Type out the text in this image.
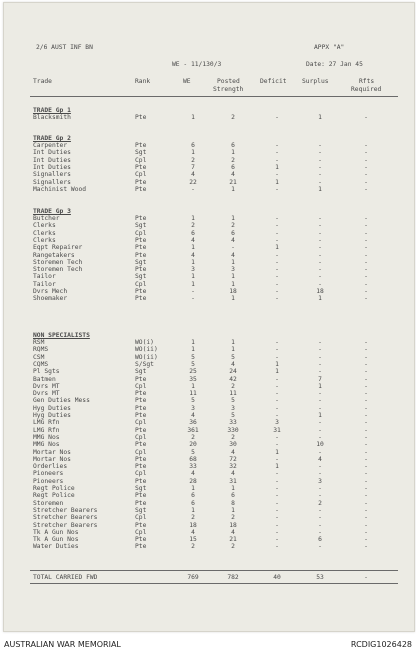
2/6 AUST INF BN	APPX "A"
WE - 11/130/3	Date: 27 Jan 45
Trade	Rank	WE	Posted
Strength
Deficit Surplus	Rfts
Required
TRADE Gp 1
Blacksmith	Pte	1	2	-	1	-
TRADE Gp 2
Carpenter	Pte	6	6	-	-	-
Int Duties	Sgt	1	1	-	-	-
Int Duties	Cpl	2	2	-	-	-
Int Duties	Pte	7	6	1	-	-
Signallers	Cpl	4	4	-	-	-
Signallers	Pte	22	21	1	-	-
Machinist Wood	Pte	-	1	-	1	-
TRADE Gp 3
Butcher	Pte	1	1	-	-	-
Clerks	Sgt	2	2	-	-	-
Clerks	Cpl	6	6	-	-	-
Clerks	Pte	4	4	-	-	-
Eqpt Repairer	Pte	1	-	1	-	-
Rangetakers	Pte	4	4	-	-	-
Storemen Tech	Sgt	1	1	-	-	-
Storemen Tech	Pte	3	3	-	-	-
Tailor	Sgt	1	1	-	-	-
Tailor	Cpl	1	1	-	-	-
Dvrs Mech	Pte	-	18	-	18	-
Shoemaker	Pte	-	1	-	1	-
NON SPECIALISTS
RSM	WO(i)	1	1	-	-	-
RQMS	WO(ii)	1	1	-	-	-
CSM	WO(ii)	5	5	-	-	-
CQMS	S/Sgt	5	4	1	-	-
Pl Sgts	Sgt	25	24	1	-	-
Batmen	Pte	35	42	-	7	-
Dvrs MT	Cpl	1	2	-	1	-
Dvrs MT	Pte	11	11	-	-	-
Gen Duties Mess	Pte	5	5	-	-	-
Hyg Duties	Pte	3	3	-	-	-
Hyg Duties	Pte	4	5	-	1	-
LMG Rfn	Cpl	36	33	3	-	-
LMG Rfn	Pte	361	330	31	-	-
MMG Nos	Cpl	2	2	-	-	-
MMG Nos	Pte	20	30	-	10	-
Mortar Nos	Cpl	5	4	1	-	-
Mortar Nos	Pte	68	72	-	4	-
Orderlies	Pte	33	32	1	-	-
Pioneers	Cpl	4	4	-	-	-
Pioneers	Pte	28	31	-	3	-
Regt Police	Sgt	1	1	-	-	-
Regt Police	Pte	6	6	-	-	-
Storemen	Pte	6	8	-	2	-
Stretcher Bearers	Sgt	1	1	-	-	-
Stretcher Bearers	Cpl	2	2	-	-	-
Stretcher Bearers	Pte	18	18	-	-	-
Tk A Gun Nos	Cpl	4	4	-	-	-
Tk A Gun Nos	Pte	15	21	-	6	-
Water Duties	Pte	2	2	-	-	-
TOTAL CARRIED FWD	769	782	40	53	-
AUSTRALIAN WAR MEMORIAL	RCDIG1026428
